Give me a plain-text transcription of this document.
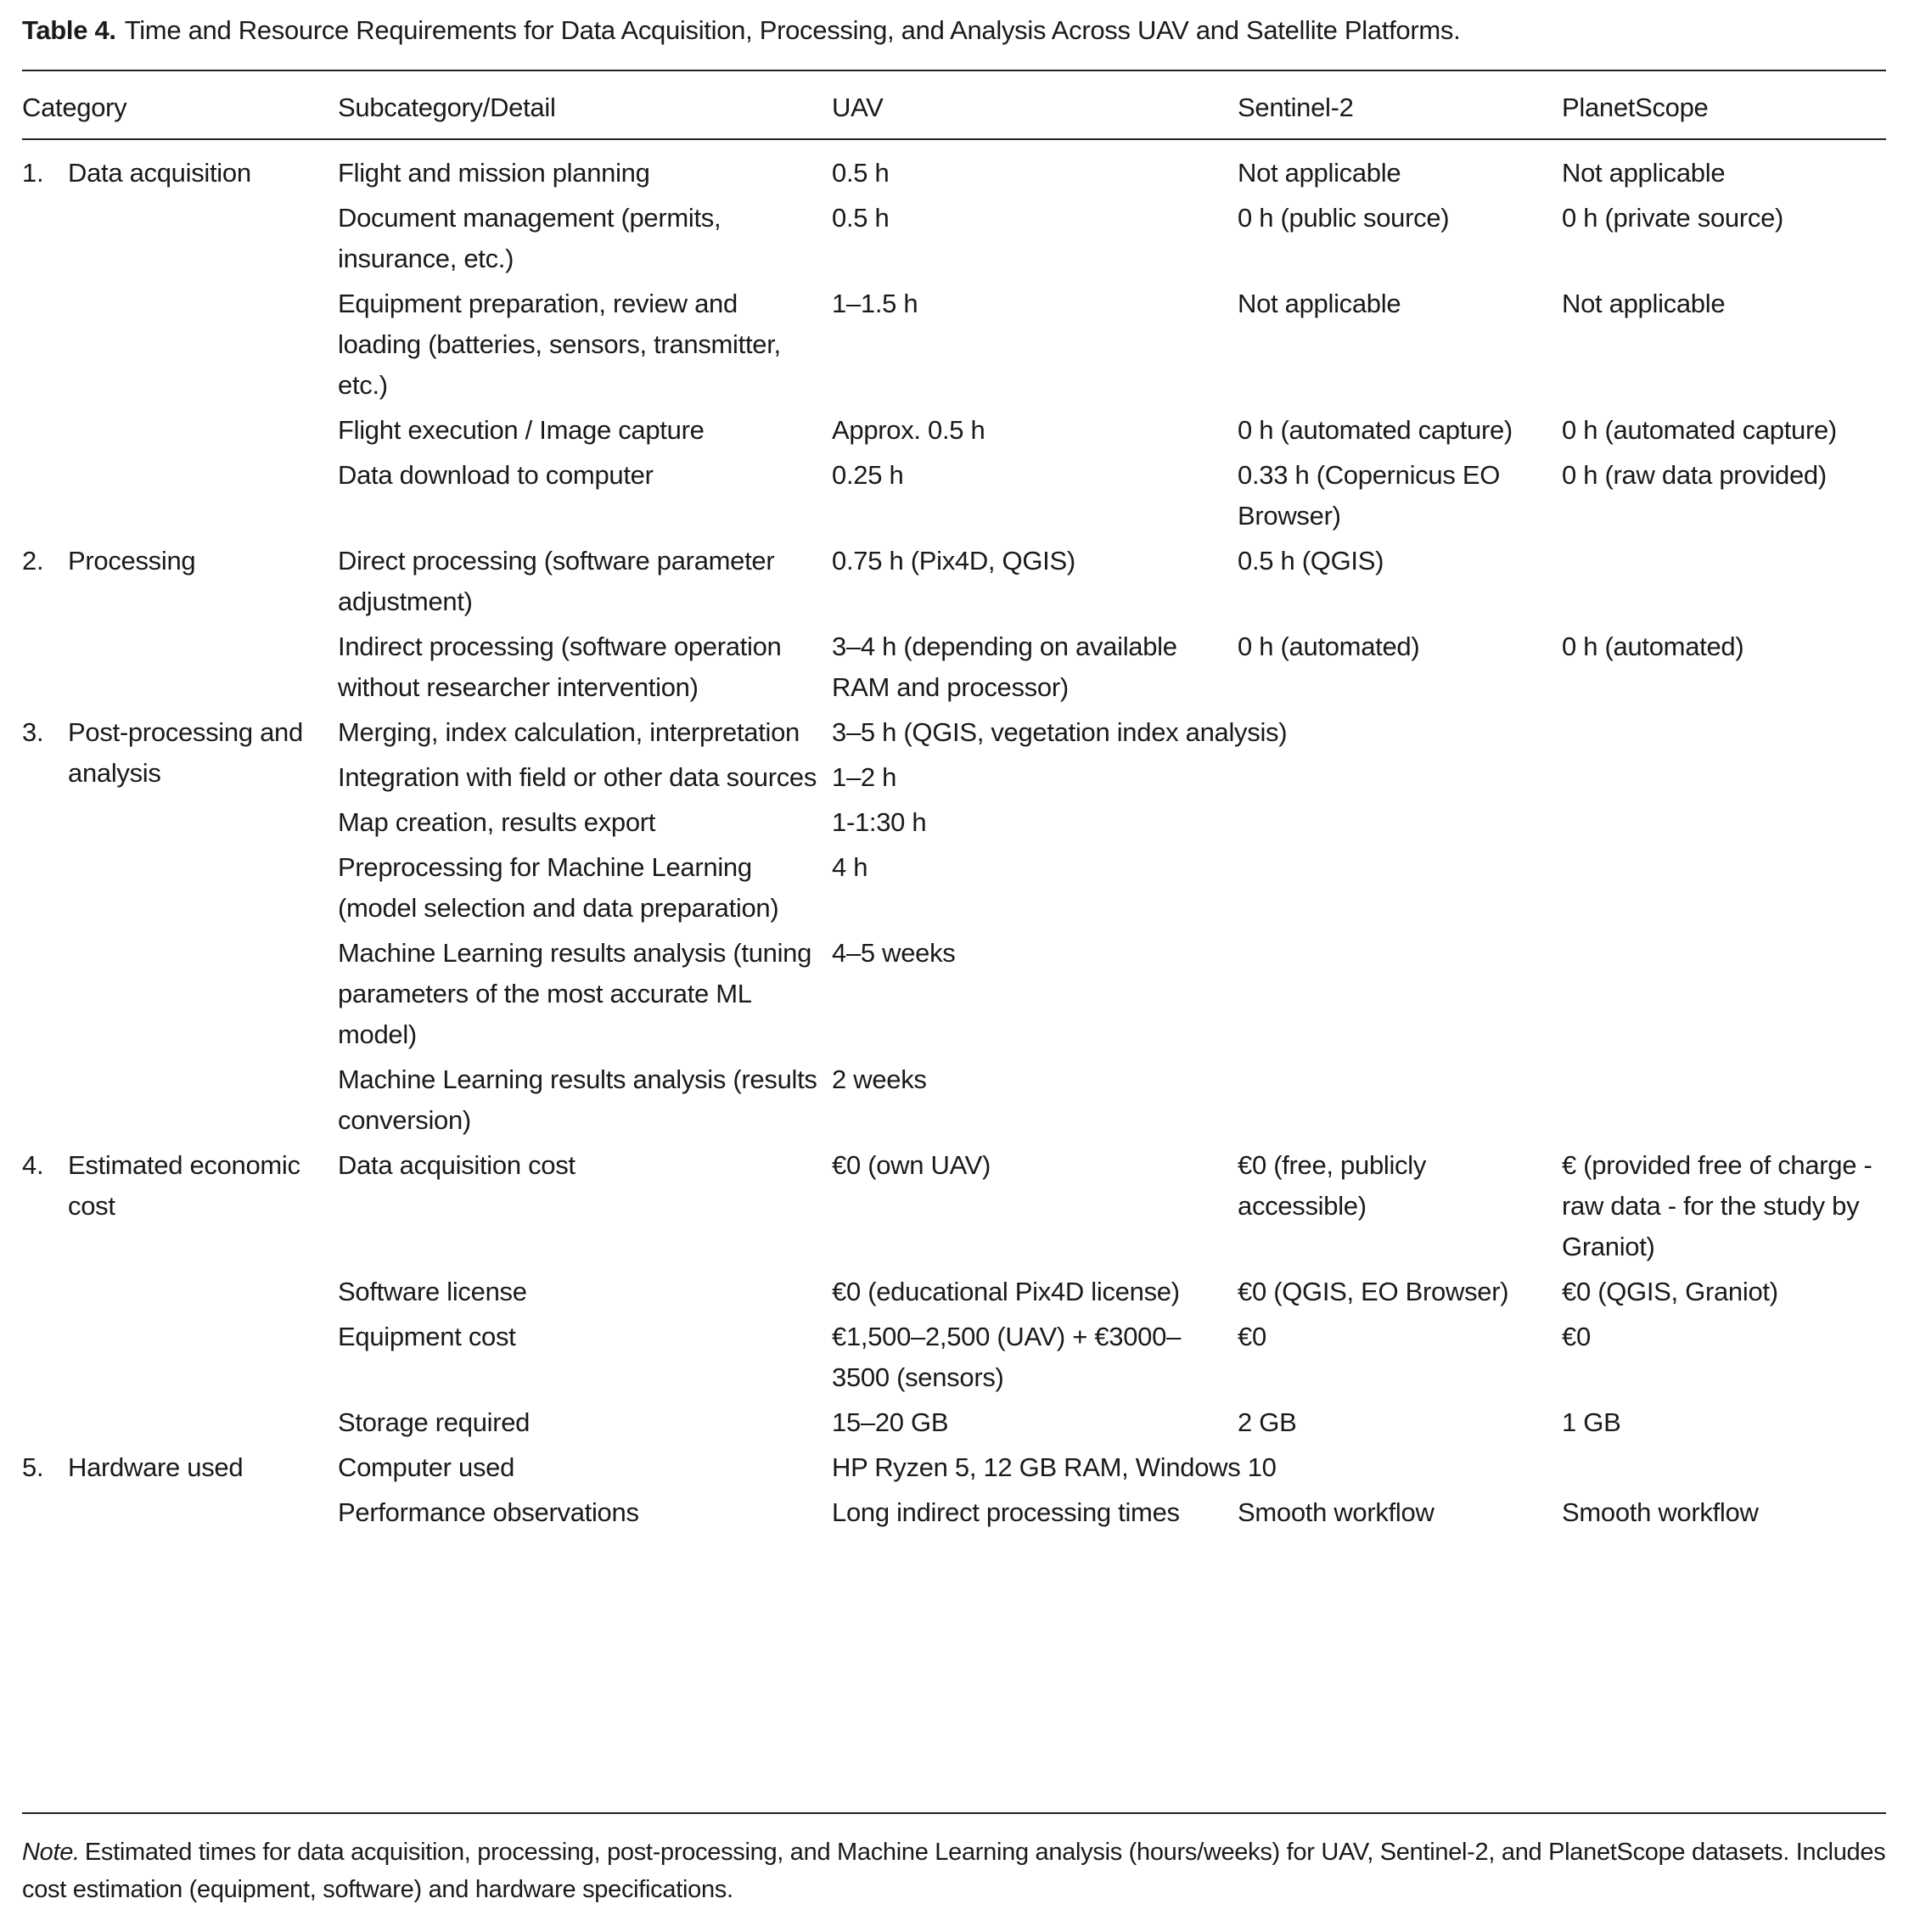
Table 4. Time and Resource Requirements for Data Acquisition, Processing, and Analysis Across UAV and Satellite Platforms.
Category	Subcategory/Detail	UAV	Sentinel-2	PlanetScope

1. Data acquisition	Flight and mission planning	0.5 h	Not applicable	Not applicable
	Document management (permits, insurance, etc.)	0.5 h	0 h (public source)	0 h (private source)
	Equipment preparation, review and loading (batteries, sensors, transmitter, etc.)	1–1.5 h	Not applicable	Not applicable
	Flight execution / Image capture	Approx. 0.5 h	0 h (automated capture)	0 h (automated capture)
	Data download to computer	0.25 h	0.33 h (Copernicus EO Browser)	0 h (raw data provided)

2. Processing	Direct processing (software parameter adjustment)	0.75 h (Pix4D, QGIS)	0.5 h (QGIS)	
	Indirect processing (software operation without researcher intervention)	3–4 h (depending on available RAM and processor)	0 h (automated)	0 h (automated)

3. Post-processing and analysis	Merging, index calculation, interpretation	3–5 h (QGIS, vegetation index analysis)		
	Integration with field or other data sources	1–2 h		
	Map creation, results export	1-1:30 h		
	Preprocessing for Machine Learning (model selection and data preparation)	4 h		
	Machine Learning results analysis (tuning parameters of the most accurate ML model)	4–5 weeks		
	Machine Learning results analysis (results conversion)	2 weeks		

4. Estimated economic cost	Data acquisition cost	€0 (own UAV)	€0 (free, publicly accessible)	€ (provided free of charge - raw data - for the study by Graniot)
	Software license	€0 (educational Pix4D license)	€0 (QGIS, EO Browser)	€0 (QGIS, Graniot)
	Equipment cost	€1,500–2,500 (UAV) + €3000–3500 (sensors)	€0	€0
	Storage required	15–20 GB	2 GB	1 GB

5. Hardware used	Computer used	HP Ryzen 5, 12 GB RAM, Windows 10		
	Performance observations	Long indirect processing times	Smooth workflow	Smooth workflow
Note. Estimated times for data acquisition, processing, post-processing, and Machine Learning analysis (hours/weeks) for UAV, Sentinel-2, and PlanetScope datasets. Includes cost estimation (equipment, software) and hardware specifications.
